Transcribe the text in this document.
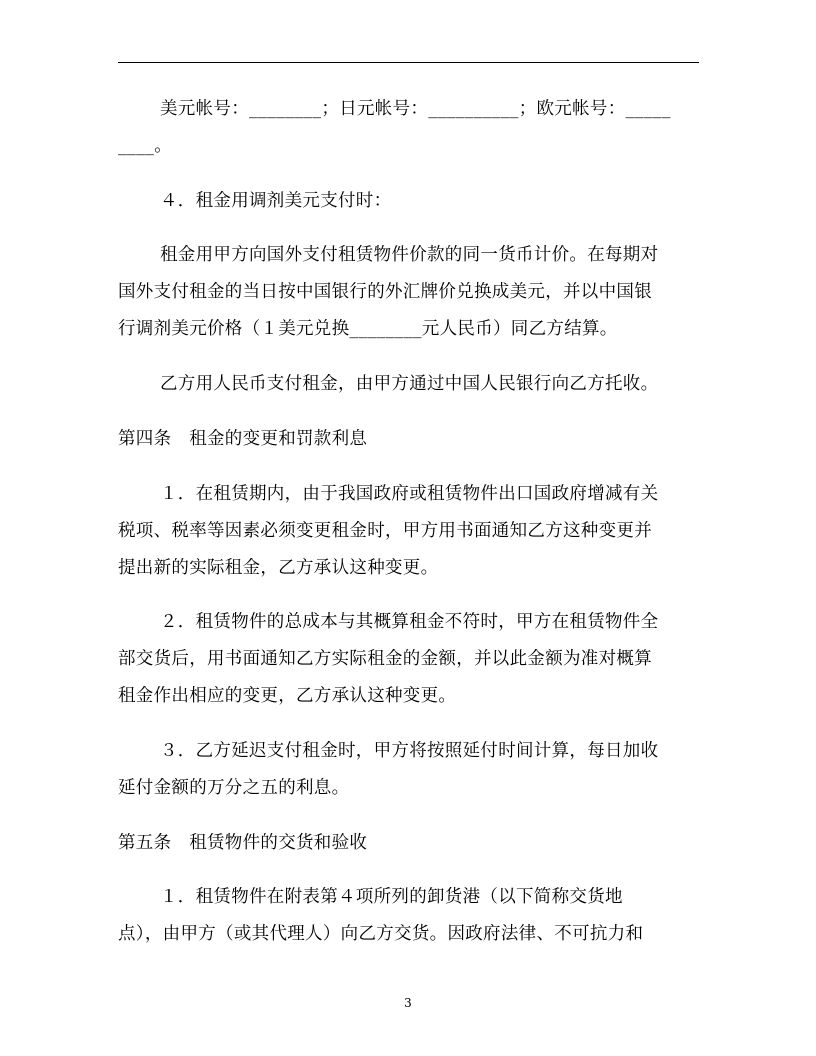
美元帐号：________；日元帐号：__________；欧元帐号：_____
____。
４．租金用调剂美元支付时：
租金用甲方向国外支付租赁物件价款的同一货币计价。在每期对
国外支付租金的当日按中国银行的外汇牌价兑换成美元，并以中国银
行调剂美元价格（１美元兑换________元人民币）同乙方结算。
乙方用人民币支付租金，由甲方通过中国人民银行向乙方托收。
第四条　租金的变更和罚款利息
１．在租赁期内，由于我国政府或租赁物件出口国政府增减有关
税项、税率等因素必须变更租金时，甲方用书面通知乙方这种变更并
提出新的实际租金，乙方承认这种变更。
２．租赁物件的总成本与其概算租金不符时，甲方在租赁物件全
部交货后，用书面通知乙方实际租金的金额，并以此金额为准对概算
租金作出相应的变更，乙方承认这种变更。
３．乙方延迟支付租金时，甲方将按照延付时间计算，每日加收
延付金额的万分之五的利息。
第五条　租赁物件的交货和验收
１．租赁物件在附表第４项所列的卸货港（以下简称交货地
点），由甲方（或其代理人）向乙方交货。因政府法律、不可抗力和
3
